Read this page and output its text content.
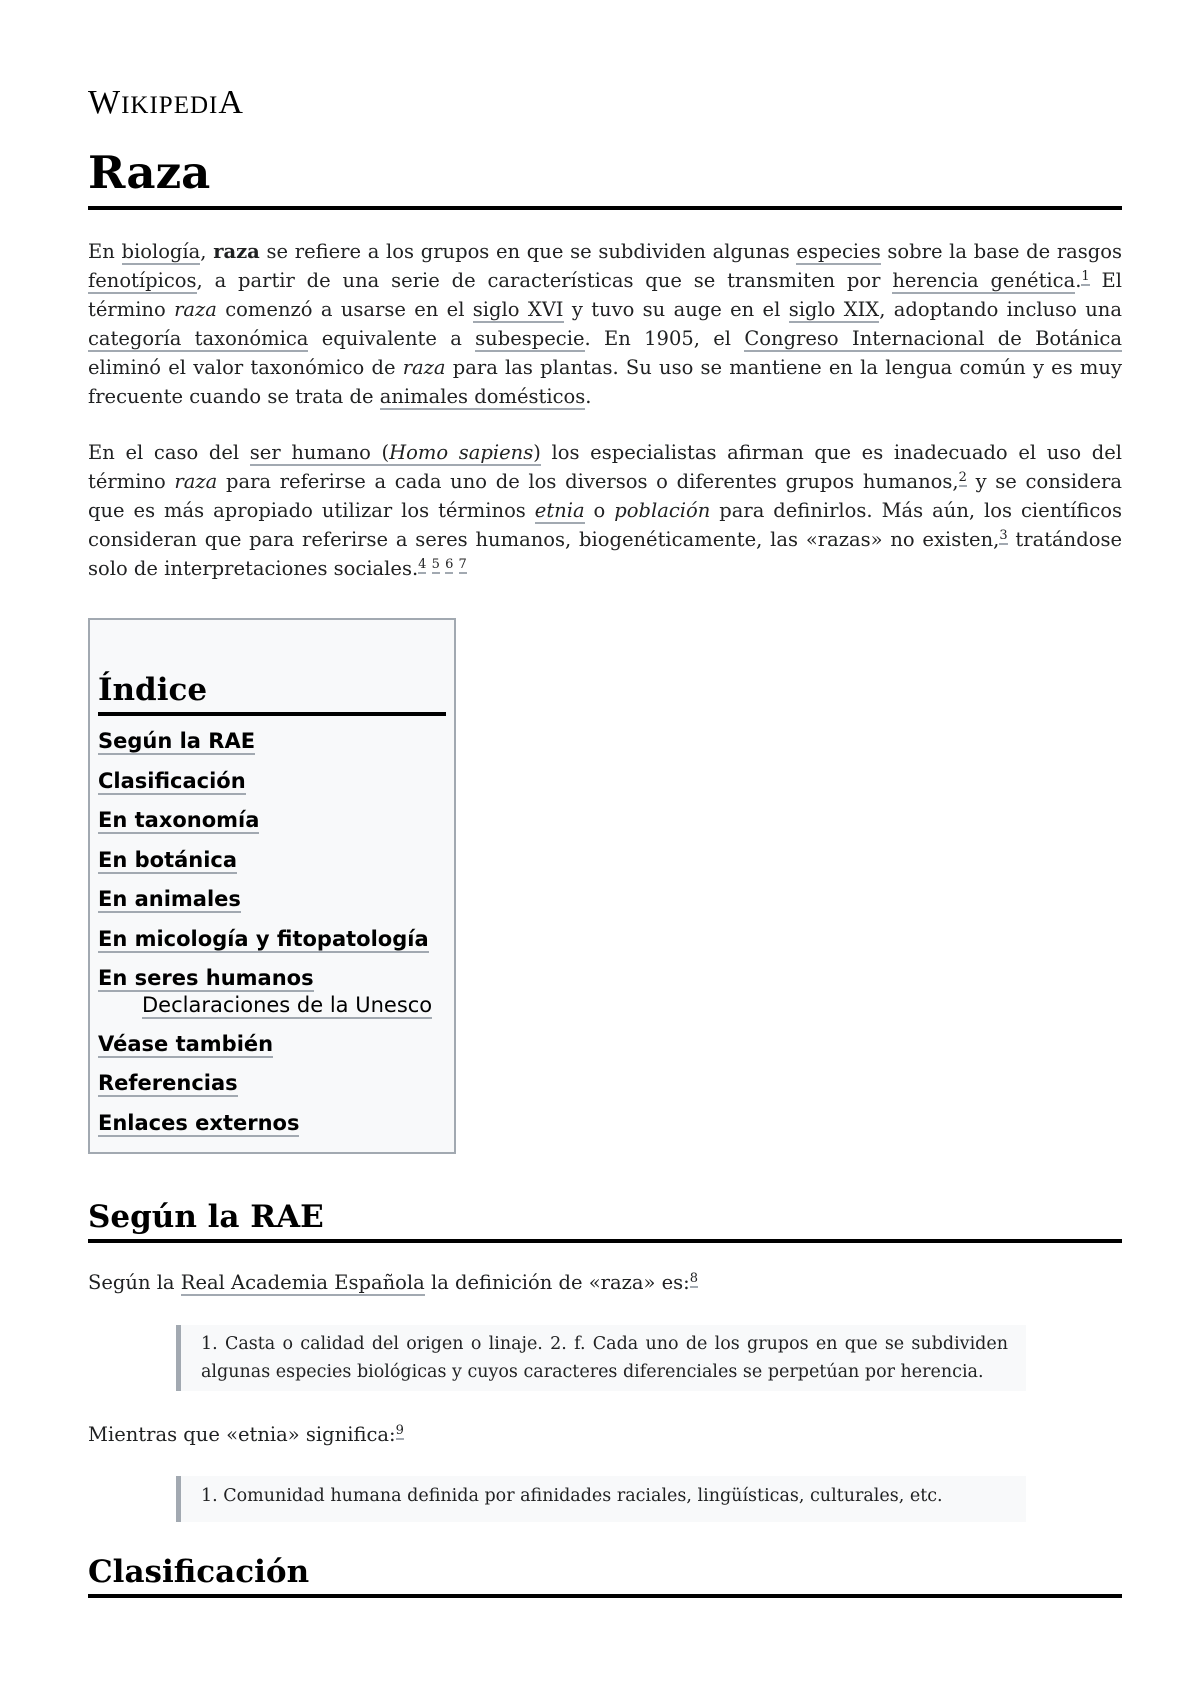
WIKIPEDIA
Raza

En biología, raza se refiere a los grupos en que se subdividen algunas especies sobre la base de rasgos fenotípicos, a partir de una serie de características que se transmiten por herencia genética.$^1$ El término raza comenzó a usarse en el siglo XVI y tuvo su auge en el siglo XIX, adoptando incluso una categoría taxonómica equivalente a subespecie. En 1905, el Congreso Internacional de Botánica eliminó el valor taxonómico de raza para las plantas. Su uso se mantiene en la lengua común y es muy frecuente cuando se trata de animales domésticos.

En el caso del ser humano (Homo sapiens) los especialistas afirman que es inadecuado el uso del término raza para referirse a cada uno de los diversos o diferentes grupos humanos,$^2$ y se considera que es más apropiado utilizar los términos etnia o población para definirlos. Más aún, los científicos consideran que para referirse a seres humanos, biogenéticamente, las «razas» no existen,$^3$ tratándose solo de interpretaciones sociales.$^{4 5 6 7}$

Índice
Según la RAE
Clasificación
En taxonomía
En botánica
En animales
En micología y fitopatología
En seres humanos
Declaraciones de la Unesco
Véase también
Referencias
Enlaces externos
Según la RAE

Según la Real Academia Española la definición de «raza» es:$^8$

1. Casta o calidad del origen o linaje. 2. f. Cada uno de los grupos en que se subdividen algunas especies biológicas y cuyos caracteres diferenciales se perpetúan por herencia.

Mientras que «etnia» significa:$^9$

1. Comunidad humana definida por afinidades raciales, lingüísticas, culturales, etc.

Clasificación
